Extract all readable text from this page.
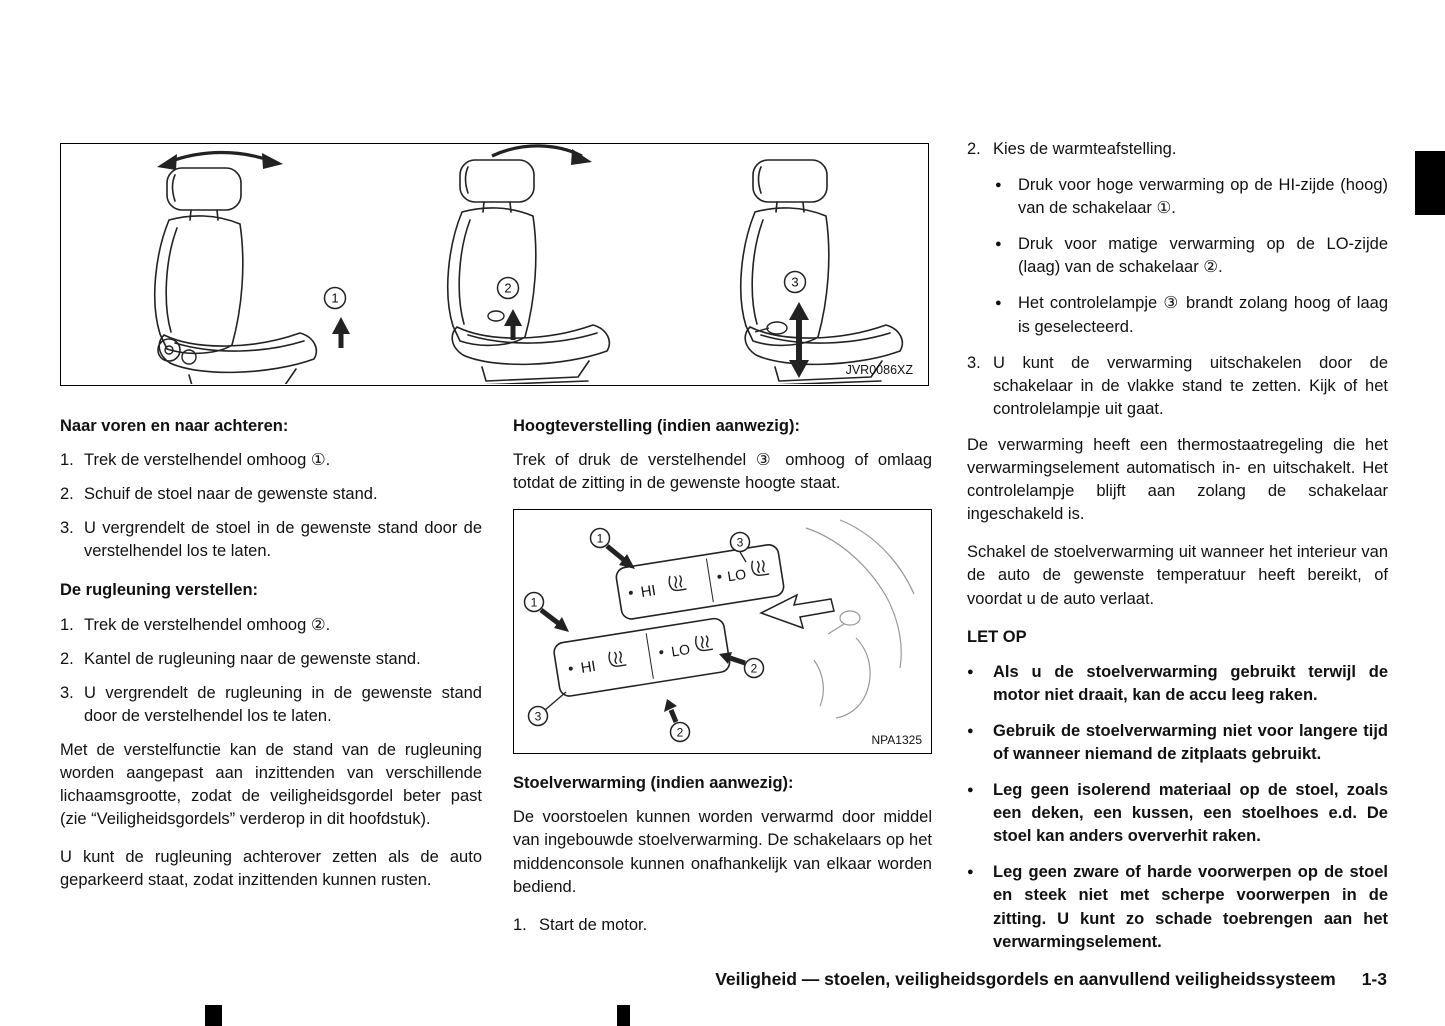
1
2	3
JVR0086XZ
Naar voren en naar achteren:
1. Trek de verstelhendel omhoog ①.
2. Schuif de stoel naar de gewenste stand.
3. U vergrendelt de stoel in de gewenste stand door de verstelhendel los te laten.
De rugleuning verstellen:
1. Trek de verstelhendel omhoog ②.
2. Kantel de rugleuning naar de gewenste stand.
3. U vergrendelt de rugleuning in de gewenste stand door de verstelhendel los te laten.

Met de verstelfunctie kan de stand van de rugleuning worden aangepast aan inzittenden van verschillende lichaamsgrootte, zodat de veiligheidsgordel beter past (zie “Veiligheidsgordels” verderop in dit hoofdstuk).

U kunt de rugleuning achterover zetten als de auto geparkeerd staat, zodat inzittenden kunnen rusten.

Hoogteverstelling (indien aanwezig):

Trek of druk de verstelhendel ③ omhoog of omlaag totdat de zitting in de gewenste hoogte staat.

HI
LO
HI
LO
1	3
1
2
3
2
NPA1325
Stoelverwarming (indien aanwezig):

De voorstoelen kunnen worden verwarmd door middel van ingebouwde stoelverwarming. De schakelaars op het middenconsole kunnen onafhankelijk van elkaar worden bediend.

1. Start de motor.
2. Kies de warmteafstelling.
● Druk voor hoge verwarming op de HI-zijde (hoog) van de schakelaar ①.
● Druk voor matige verwarming op de LO-zijde (laag) van de schakelaar ②.
● Het controlelampje ③ brandt zolang hoog of laag is geselecteerd.
3. U kunt de verwarming uitschakelen door de schakelaar in de vlakke stand te zetten. Kijk of het controlelampje uit gaat.

De verwarming heeft een thermostaatregeling die het verwarmingselement automatisch in- en uitschakelt. Het controlelampje blijft aan zolang de schakelaar ingeschakeld is.

Schakel de stoelverwarming uit wanneer het interieur van de auto de gewenste temperatuur heeft bereikt, of voordat u de auto verlaat.

LET OP
●	Als u de stoelverwarming gebruikt terwijl de motor niet draait, kan de accu leeg raken.
●	Gebruik de stoelverwarming niet voor langere tijd of wanneer niemand de zitplaats gebruikt.
●	Leg geen isolerend materiaal op de stoel, zoals een deken, een kussen, een stoelhoes e.d. De stoel kan anders oververhit raken.
●	Leg geen zware of harde voorwerpen op de stoel en steek niet met scherpe voorwerpen in de zitting. U kunt zo schade toebrengen aan het verwarmingselement.
Veiligheid — stoelen, veiligheidsgordels en aanvullend veiligheidssysteem 1-3
